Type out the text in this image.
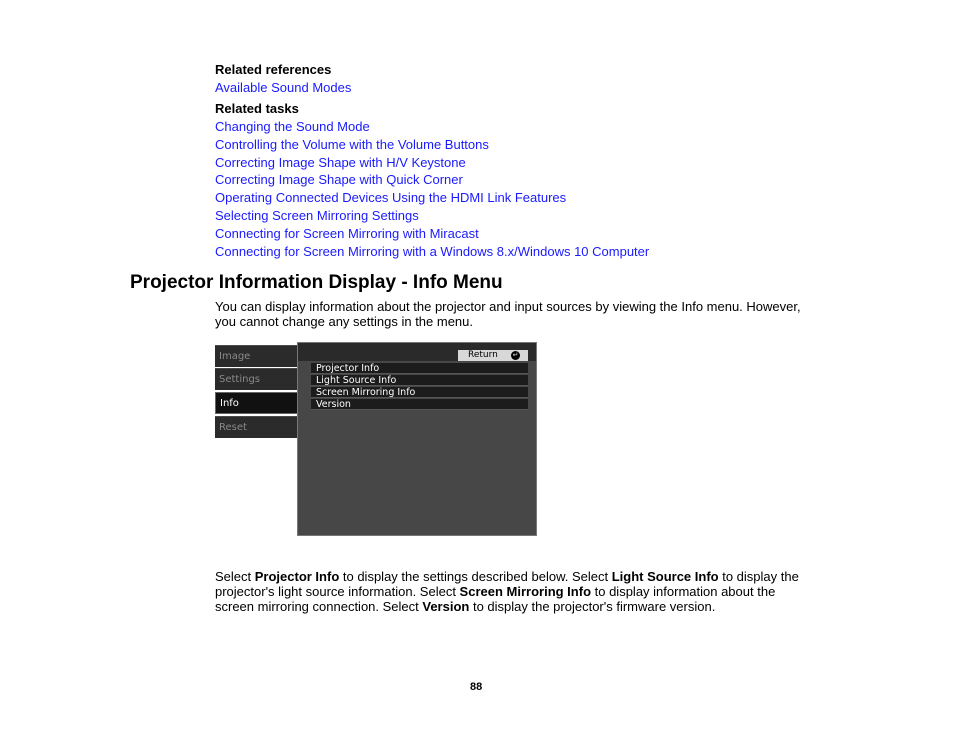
Related references
Available Sound Modes
Related tasks
Changing the Sound Mode
Controlling the Volume with the Volume Buttons
Correcting Image Shape with H/V Keystone
Correcting Image Shape with Quick Corner
Operating Connected Devices Using the HDMI Link Features
Selecting Screen Mirroring Settings
Connecting for Screen Mirroring with Miracast
Connecting for Screen Mirroring with a Windows 8.x/Windows 10 Computer
Projector Information Display - Info Menu
You can display information about the projector and input sources by viewing the Info menu. However,
you cannot change any settings in the menu.
Image
Settings
Info
Reset
Return ↵
Projector Info
Light Source Info
Screen Mirroring Info
Version
Select Projector Info to display the settings described below. Select Light Source Info to display the
projector's light source information. Select Screen Mirroring Info to display information about the
screen mirroring connection. Select Version to display the projector's firmware version.
88
